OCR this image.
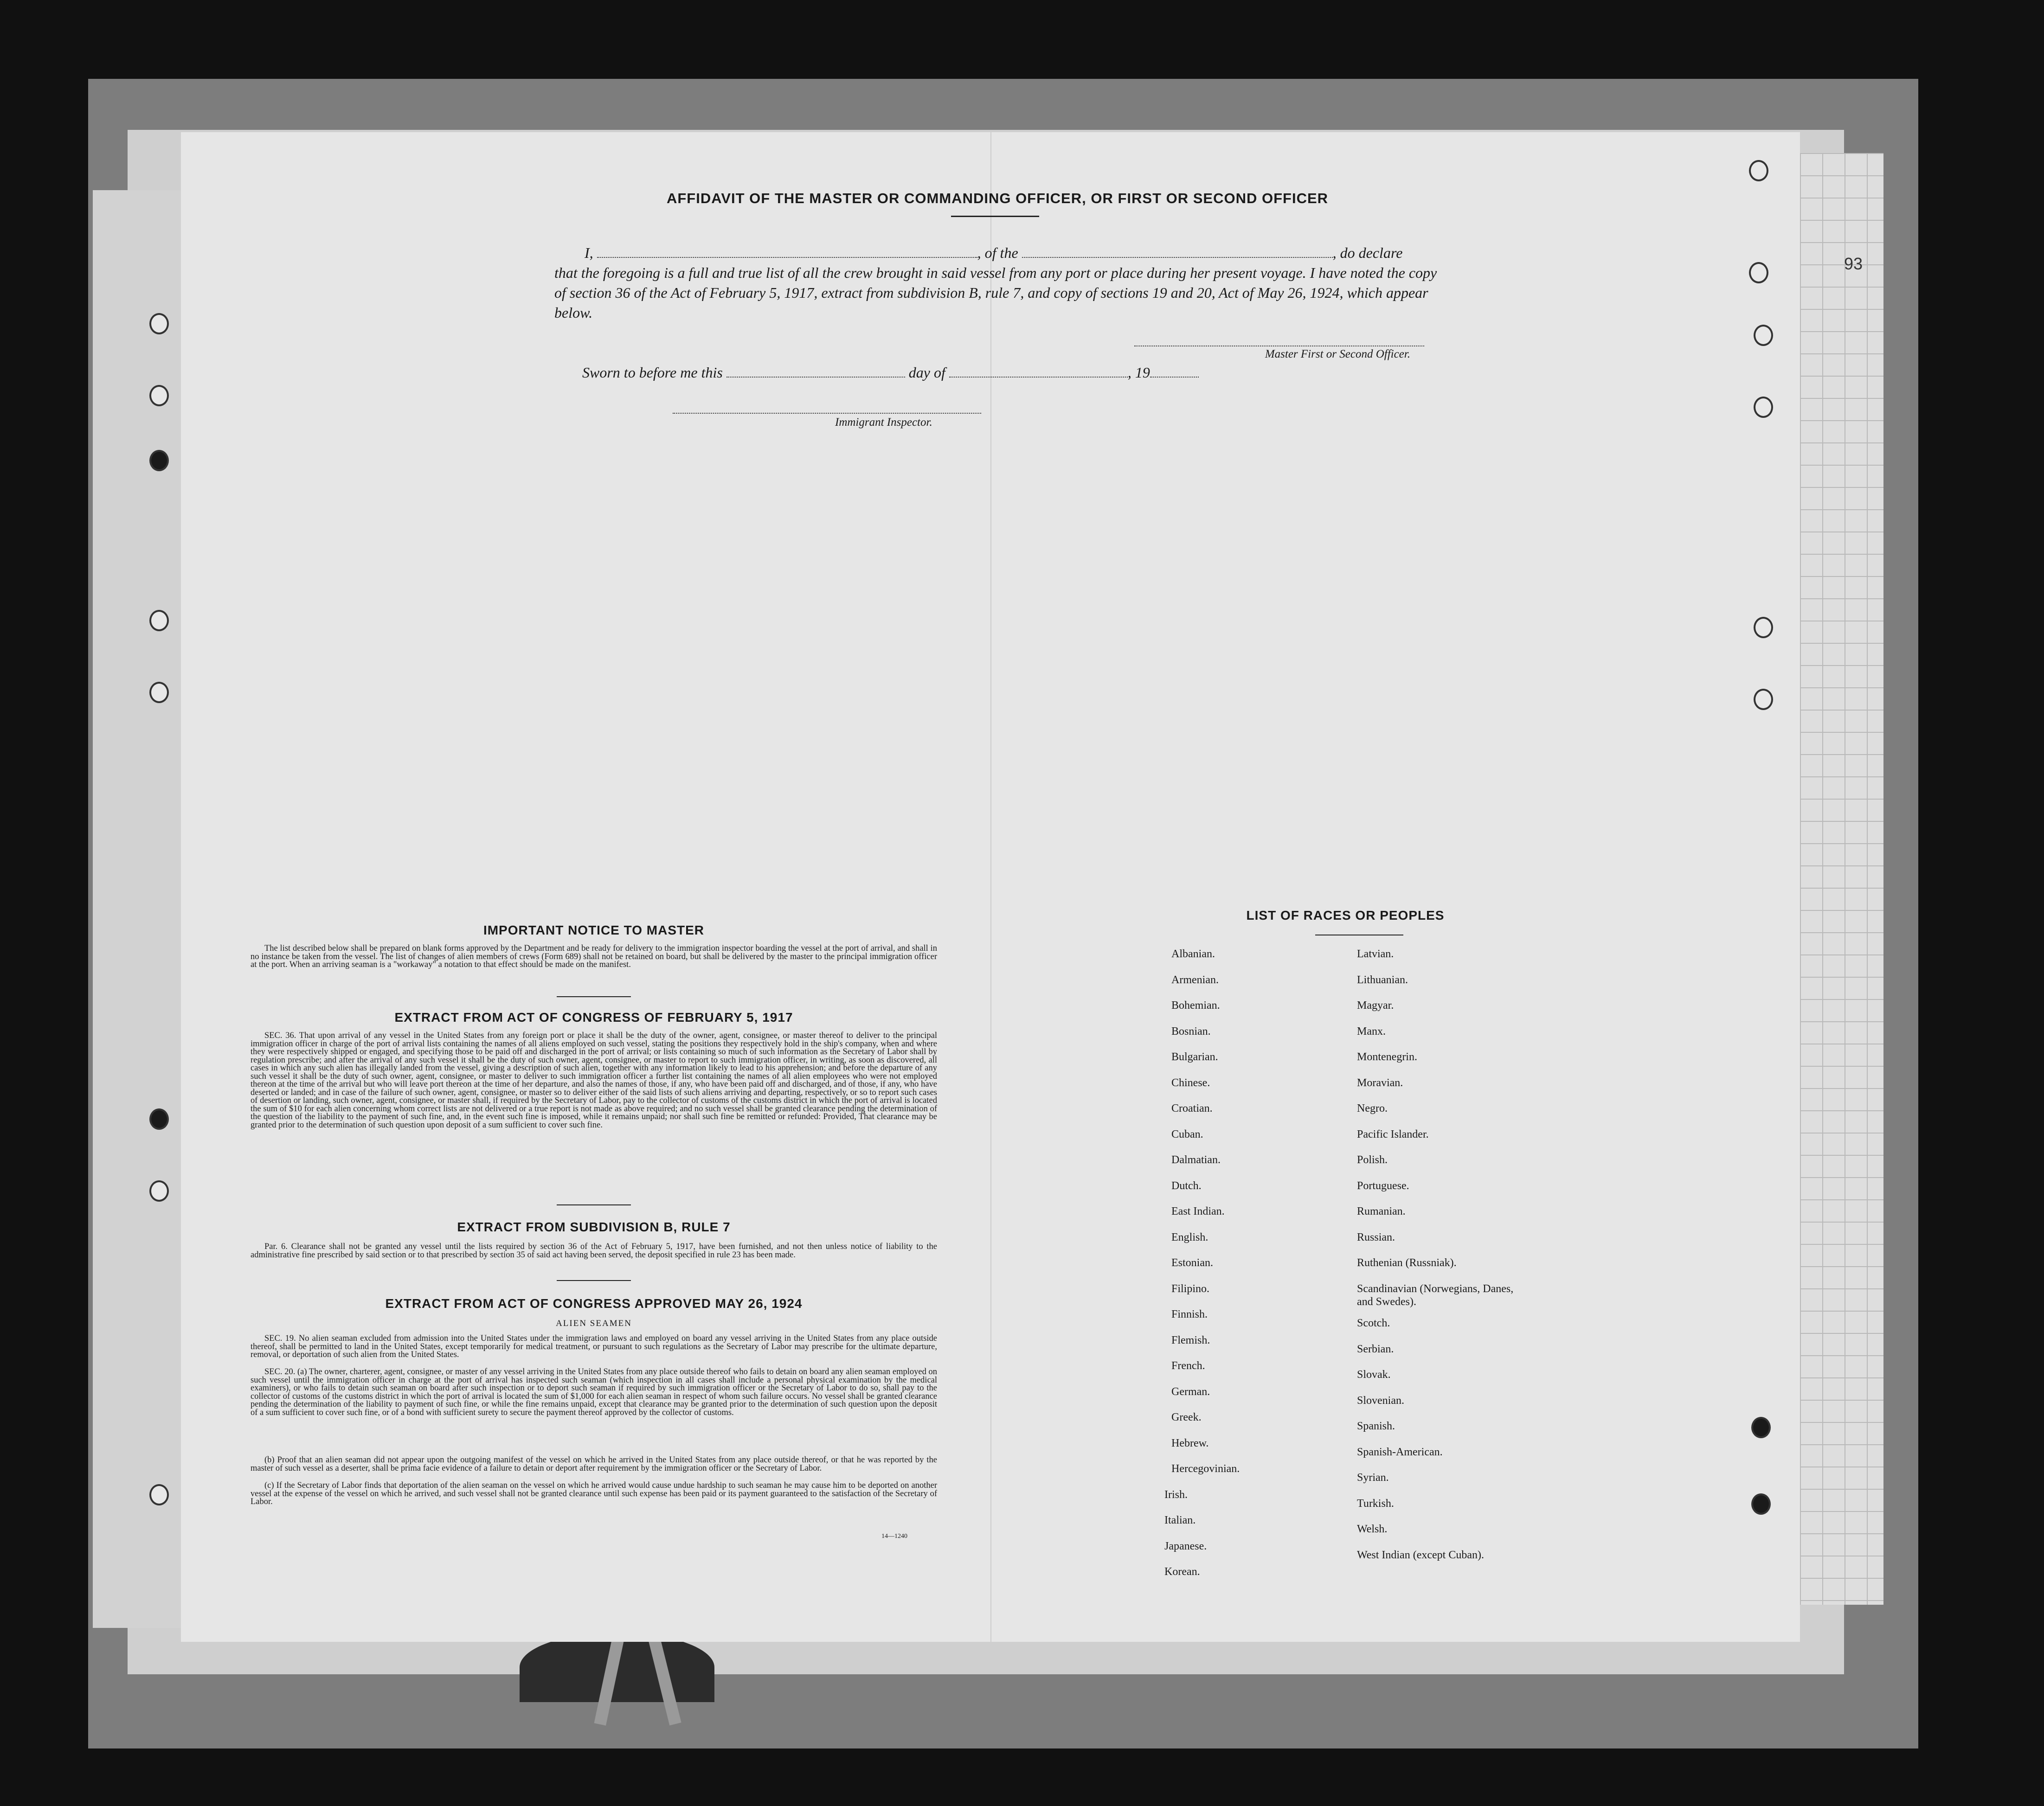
93
AFFIDAVIT OF THE MASTER OR COMMANDING OFFICER, OR FIRST OR SECOND OFFICER
I,	, of the	, do declare
that the foregoing is a full and true list of all the crew brought in said vessel from any port or place during her present voyage. I have noted the copy of section 36 of the Act of February 5, 1917, extract from subdivision B, rule 7, and copy of sections 19 and 20, Act of May 26, 1924, which appear below.
Master First or Second Officer.
Sworn to before me this	day of	, 19
Immigrant Inspector.
IMPORTANT NOTICE TO MASTER
The list described below shall be prepared on blank forms approved by the Department and be ready for delivery to the immigration inspector boarding the vessel at the port of arrival, and shall in no instance be taken from the vessel. The list of changes of alien members of crews (Form 689) shall not be retained on board, but shall be delivered by the master to the principal immigration officer at the port. When an arriving seaman is a "workaway" a notation to that effect should be made on the manifest.
EXTRACT FROM ACT OF CONGRESS OF FEBRUARY 5, 1917
SEC. 36. That upon arrival of any vessel in the United States from any foreign port or place it shall be the duty of the owner, agent, consignee, or master thereof to deliver to the principal immigration officer in charge of the port of arrival lists containing the names of all aliens employed on such vessel, stating the positions they respectively hold in the ship's company, when and where they were respectively shipped or engaged, and specifying those to be paid off and discharged in the port of arrival; or lists containing so much of such information as the Secretary of Labor shall by regulation prescribe; and after the arrival of any such vessel it shall be the duty of such owner, agent, consignee, or master to report to such immigration officer, in writing, as soon as discovered, all cases in which any such alien has illegally landed from the vessel, giving a description of such alien, together with any information likely to lead to his apprehension; and before the departure of any such vessel it shall be the duty of such owner, agent, consignee, or master to deliver to such immigration officer a further list containing the names of all alien employees who were not employed thereon at the time of the arrival but who will leave port thereon at the time of her departure, and also the names of those, if any, who have been paid off and discharged, and of those, if any, who have deserted or landed; and in case of the failure of such owner, agent, consignee, or master so to deliver either of the said lists of such aliens arriving and departing, respectively, or so to report such cases of desertion or landing, such owner, agent, consignee, or master shall, if required by the Secretary of Labor, pay to the collector of customs of the customs district in which the port of arrival is located the sum of $10 for each alien concerning whom correct lists are not delivered or a true report is not made as above required; and no such vessel shall be granted clearance pending the determination of the question of the liability to the payment of such fine, and, in the event such fine is imposed, while it remains unpaid; nor shall such fine be remitted or refunded: Provided, That clearance may be granted prior to the determination of such question upon deposit of a sum sufficient to cover such fine.
EXTRACT FROM SUBDIVISION B, RULE 7
Par. 6. Clearance shall not be granted any vessel until the lists required by section 36 of the Act of February 5, 1917, have been furnished, and not then unless notice of liability to the administrative fine prescribed by said section or to that prescribed by section 35 of said act having been served, the deposit specified in rule 23 has been made.
EXTRACT FROM ACT OF CONGRESS APPROVED MAY 26, 1924
ALIEN SEAMEN
SEC. 19. No alien seaman excluded from admission into the United States under the immigration laws and employed on board any vessel arriving in the United States from any place outside thereof, shall be permitted to land in the United States, except temporarily for medical treatment, or pursuant to such regulations as the Secretary of Labor may prescribe for the ultimate departure, removal, or deportation of such alien from the United States.
SEC. 20. (a) The owner, charterer, agent, consignee, or master of any vessel arriving in the United States from any place outside thereof who fails to detain on board any alien seaman employed on such vessel until the immigration officer in charge at the port of arrival has inspected such seaman (which inspection in all cases shall include a personal physical examination by the medical examiners), or who fails to detain such seaman on board after such inspection or to deport such seaman if required by such immigration officer or the Secretary of Labor to do so, shall pay to the collector of customs of the customs district in which the port of arrival is located the sum of $1,000 for each alien seaman in respect of whom such failure occurs. No vessel shall be granted clearance pending the determination of the liability to payment of such fine, or while the fine remains unpaid, except that clearance may be granted prior to the determination of such question upon the deposit of a sum sufficient to cover such fine, or of a bond with sufficient surety to secure the payment thereof approved by the collector of customs.
(b) Proof that an alien seaman did not appear upon the outgoing manifest of the vessel on which he arrived in the United States from any place outside thereof, or that he was reported by the master of such vessel as a deserter, shall be prima facie evidence of a failure to detain or deport after requirement by the immigration officer or the Secretary of Labor.
(c) If the Secretary of Labor finds that deportation of the alien seaman on the vessel on which he arrived would cause undue hardship to such seaman he may cause him to be deported on another vessel at the expense of the vessel on which he arrived, and such vessel shall not be granted clearance until such expense has been paid or its payment guaranteed to the satisfaction of the Secretary of Labor.
14—1240
LIST OF RACES OR PEOPLES
Albanian.
Armenian.
Bohemian.
Bosnian.
Bulgarian.
Chinese.
Croatian.
Cuban.
Dalmatian.
Dutch.
East Indian.
English.
Estonian.
Filipino.
Finnish.
Flemish.
French.
German.
Greek.
Hebrew.
Hercegovinian.
Irish.
Italian.
Japanese.
Korean.
Latvian.
Lithuanian.
Magyar.
Manx.
Montenegrin.
Moravian.
Negro.
Pacific Islander.
Polish.
Portuguese.
Rumanian.
Russian.
Ruthenian (Russniak).
Scandinavian (Norwegians, Danes, and Swedes).
Scotch.
Serbian.
Slovak.
Slovenian.
Spanish.
Spanish-American.
Syrian.
Turkish.
Welsh.
West Indian (except Cuban).
